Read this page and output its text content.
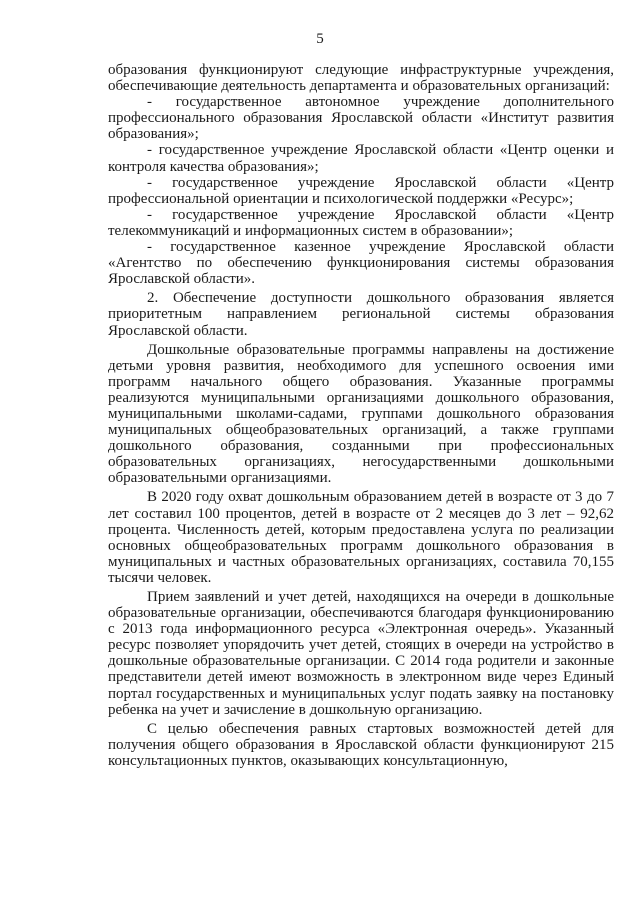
5

образования функционируют следующие инфраструктурные учреждения, обеспечивающие деятельность департамента и образовательных организаций:

- государственное автономное учреждение дополнительного профессионального образования Ярославской области «Институт развития образования»;

- государственное учреждение Ярославской области «Центр оценки и контроля качества образования»;

- государственное учреждение Ярославской области «Центр профессиональной ориентации и психологической поддержки «Ресурс»;

- государственное учреждение Ярославской области «Центр телекоммуникаций и информационных систем в образовании»;

- государственное казенное учреждение Ярославской области «Агентство по обеспечению функционирования системы образования Ярославской области».

2. Обеспечение доступности дошкольного образования является приоритетным направлением региональной системы образования Ярославской области.

Дошкольные образовательные программы направлены на достижение детьми уровня развития, необходимого для успешного освоения ими программ начального общего образования. Указанные программы реализуются муниципальными организациями дошкольного образования, муниципальными школами-садами, группами дошкольного образования муниципальных общеобразовательных организаций, а также группами дошкольного образования, созданными при профессиональных образовательных организациях, негосударственными дошкольными образовательными организациями.

В 2020 году охват дошкольным образованием детей в возрасте от 3 до 7 лет составил 100 процентов, детей в возрасте от 2 месяцев до 3 лет – 92,62 процента. Численность детей, которым предоставлена услуга по реализации основных общеобразовательных программ дошкольного образования в муниципальных и частных образовательных организациях, составила 70,155 тысячи человек.

Прием заявлений и учет детей, находящихся на очереди в дошкольные образовательные организации, обеспечиваются благодаря функционированию с 2013 года информационного ресурса «Электронная очередь». Указанный ресурс позволяет упорядочить учет детей, стоящих в очереди на устройство в дошкольные образовательные организации. С 2014 года родители и законные представители детей имеют возможность в электронном виде через Единый портал государственных и муниципальных услуг подать заявку на постановку ребенка на учет и зачисление в дошкольную организацию.

С целью обеспечения равных стартовых возможностей детей для получения общего образования в Ярославской области функционируют 215 консультационных пунктов, оказывающих консультационную,
